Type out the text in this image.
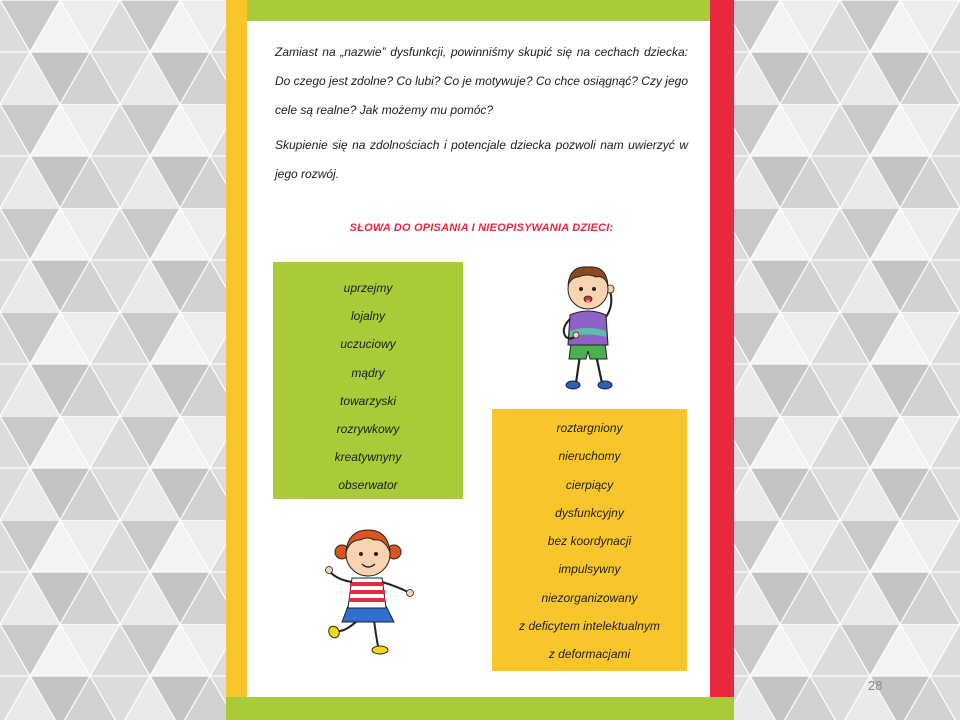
Zamiast na „nazwie” dysfunkcji, powinniśmy skupić się na cechach dziecka: Do czego jest zdolne? Co lubi? Co je motywuje? Co chce osiągnąć? Czy jego cele są realne? Jak możemy mu pomóc?

Skupienie się na zdolnościach i potencjale dziecka pozwoli nam uwierzyć w jego rozwój.

SŁOWA DO OPISANIA I NIEOPISYWANIA DZIECI:
uprzejmy
lojalny
uczuciowy
mądry
towarzyski
rozrywkowy
kreatywnyny
obserwator
roztargniony
nieruchomy
cierpiący
dysfunkcyjny
bez koordynacji
impulsywny
niezorganizowany
z deficytem intelektualnym
z deformacjami
28
